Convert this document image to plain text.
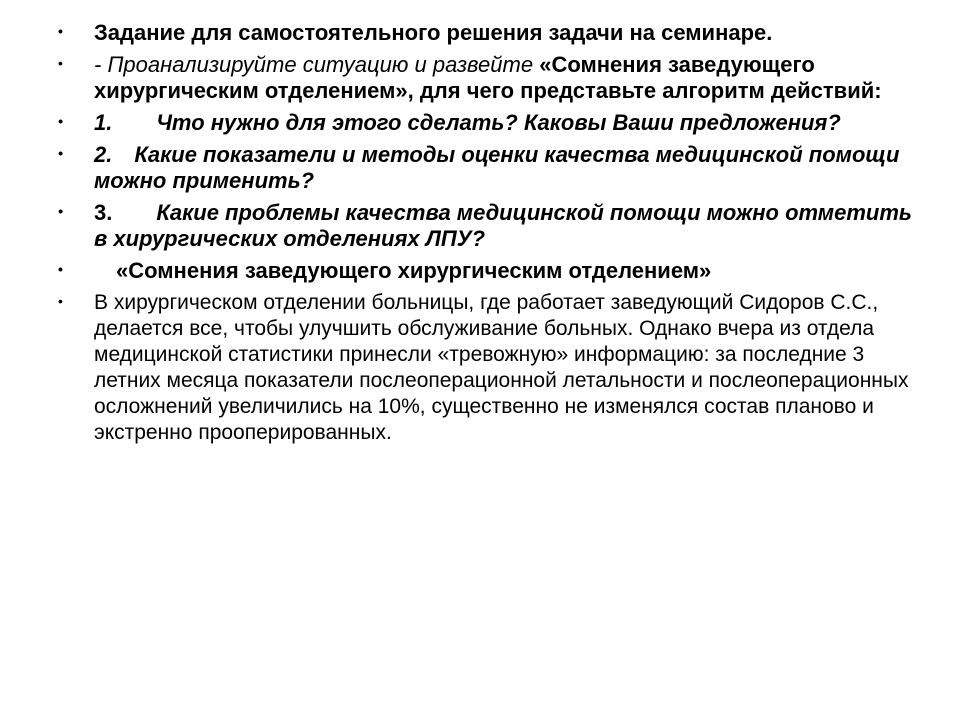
• Задание для самостоятельного решения задачи на семинаре.
• - Проанализируйте ситуацию и развейте «Сомнения заведующего хирургическим отделением», для чего представьте алгоритм действий:
• 1. Что нужно для этого сделать? Каковы Ваши предложения?
• 2. Какие показатели и методы оценки качества медицинской помощи можно применить?
• 3. Какие проблемы качества медицинской помощи можно отметить в хирургических отделениях ЛПУ?
• «Сомнения заведующего хирургическим отделением»
• В хирургическом отделении больницы, где работает заведующий Сидоров С.С., делается все, чтобы улучшить обслуживание больных. Однако вчера из отдела медицинской статистики принесли «тревожную» информацию: за последние 3 летних месяца показатели послеоперационной летальности и послеоперационных осложнений увеличились на 10%, существенно не изменялся состав планово и экстренно прооперированных.
